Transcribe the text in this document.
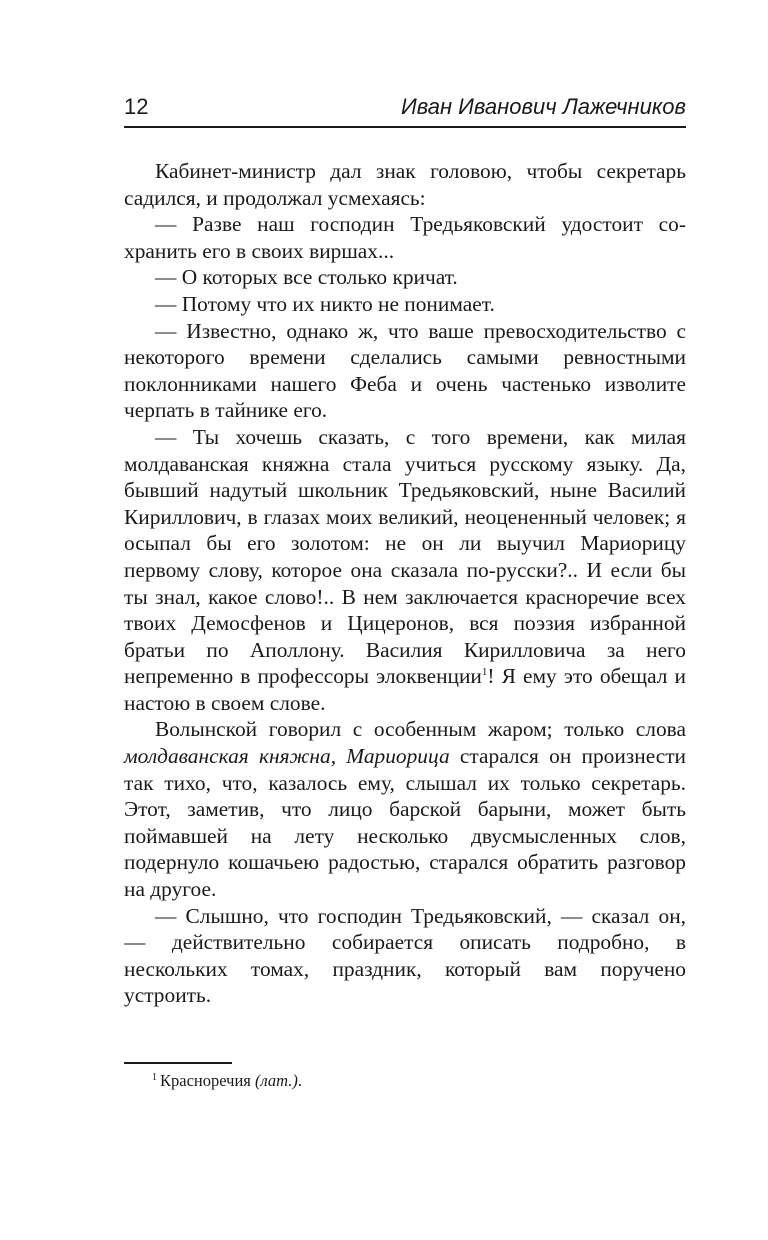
12	Иван Иванович Лажечников

Кабинет-министр дал знак головою, чтобы секретарь садился, и продолжал усмехаясь:

— Разве наш господин Тредьяковский удостоит сохранить его в своих виршах...

— О которых все столько кричат.

— Потому что их никто не понимает.

— Известно, однако ж, что ваше превосходительство с некоторого времени сделались самыми ревностными поклонниками нашего Феба и очень частенько изволите черпать в тайнике его.

— Ты хочешь сказать, с того времени, как милая молдаванская княжна стала учиться русскому языку. Да, бывший надутый школьник Тредьяковский, ныне Василий Кириллович, в глазах моих великий, неоцененный человек; я осыпал бы его золотом: не он ли выучил Мариорицу первому слову, которое она сказала по-русски?.. И если бы ты знал, какое слово!.. В нем заключается красноречие всех твоих Демосфенов и Цицеронов, вся поэзия избранной братьи по Аполлону. Василия Кирилловича за него непременно в профессоры элоквенции$^1$! Я ему это обещал и настою в своем слове.

Волынской говорил с особенным жаром; только слова молдаванская княжна, Мариорица старался он произнести так тихо, что, казалось ему, слышал их только секретарь. Этот, заметив, что лицо барской барыни, может быть поймавшей на лету несколько двусмысленных слов, подернуло кошачьею радостью, старался обратить разговор на другое.

— Слышно, что господин Тредьяковский, — сказал он, — действительно собирается описать подробно, в нескольких томах, праздник, который вам поручено устроить.

$^1$ Красноречия (лат.).
